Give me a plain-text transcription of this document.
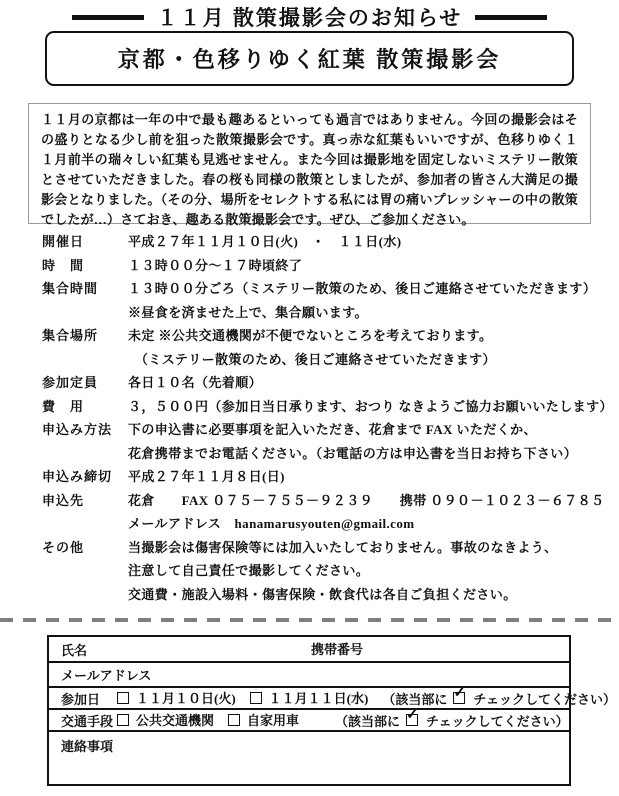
１１月 散策撮影会のお知らせ
京都・色移りゆく紅葉 散策撮影会

１１月の京都は一年の中で最も趣あるといっても過言ではありません。今回の撮影会はその盛りとなる少し前を狙った散策撮影会です。真っ赤な紅葉もいいですが、色移りゆく１１月前半の瑞々しい紅葉も見逃せません。また今回は撮影地を固定しないミステリー散策とさせていただきました。春の桜も同様の散策としましたが、参加者の皆さん大満足の撮影会となりました。（その分、場所をセレクトする私には胃の痛いプレッシャーの中の散策でしたが…）さておき、趣ある散策撮影会です。ぜひ、ご参加ください。

開催日	平成２７年１１月１０日(火)　・　１１日(水)
時　間	１３時００分～１７時頃終了
集合時間	１３時００分ごろ（ミステリー散策のため、後日ご連絡させていただきます）
※昼食を済ませた上で、集合願います。
集合場所	未定 ※公共交通機関が不便でないところを考えております。
　（ミステリー散策のため、後日ご連絡させていただきます）
参加定員	各日１０名（先着順）
費　用	３，５００円（参加日当日承ります、おつり なきようご協力お願いいたします）
申込み方法	下の申込書に必要事項を記入いただき、花倉まで FAX いただくか、
花倉携帯までお電話ください。（お電話の方は申込書を当日お持ち下さい）
申込み締切	平成２７年１１月８日(日)
申込先	花倉　　FAX ０７５－７５５－９２３９　　携帯 ０９０－１０２３－６７８５
メールアドレス　hanamarusyouten@gmail.com
その他	当撮影会は傷害保険等には加入いたしておりません。事故のなきよう、
注意して自己責任で撮影してください。
交通費・施設入場料・傷害保険・飲食代は各自ご負担ください。
氏名	携帯番号
メールアドレス
参加日	１１月１０日(火)	１１月１１日(水) （該当部に ✓ チェックしてください）
交通手段	公共交通機関	自家用車	（該当部に ✓ チェックしてください）
連絡事項
